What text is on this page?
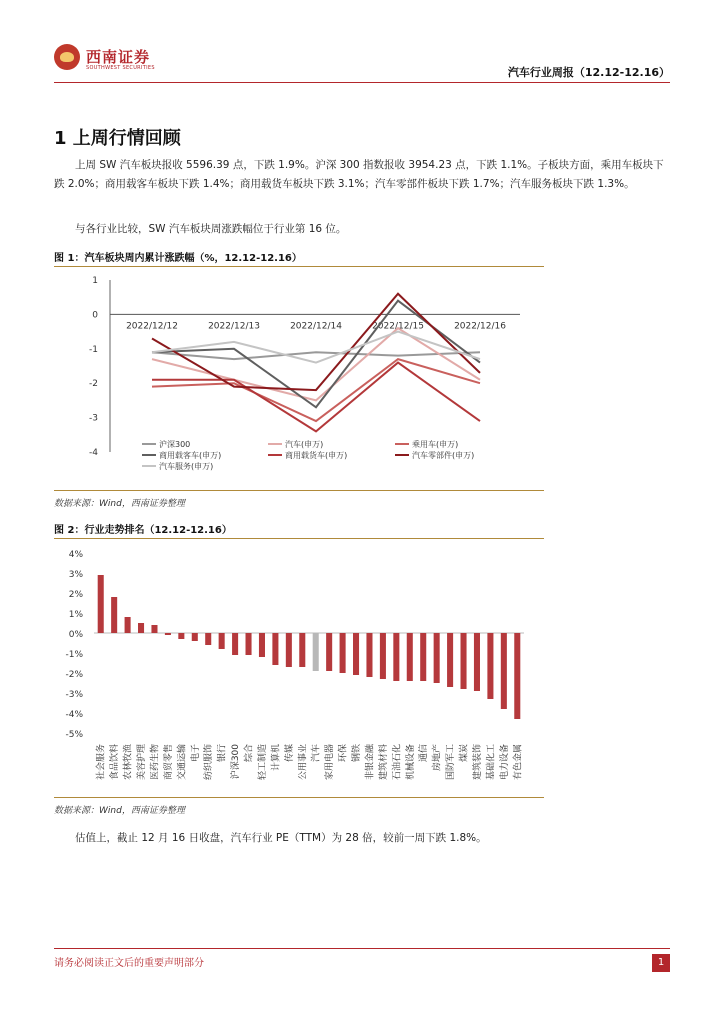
西南证券
SOUTHWEST SECURITIES	汽车行业周报（12.12-12.16）
1 上周行情回顾
上周 SW 汽车板块报收 5596.39 点，下跌 1.9%。沪深 300 指数报收 3954.23 点，下跌 1.1%。子板块方面，乘用车板块下跌 2.0%；商用载客车板块下跌 1.4%；商用载货车板块下跌 3.1%；汽车零部件板块下跌 1.7%；汽车服务板块下跌 1.3%。
与各行业比较，SW 汽车板块周涨跌幅位于行业第 16 位。
图 1：汽车板块周内累计涨跌幅（%，12.12-12.16）
1
0
-1
-2
-3
-4
2022/12/12	2022/12/13	2022/12/14	2022/12/15	2022/12/16
沪深300	汽车(申万)	乘用车(申万)
商用载客车(申万)	商用载货车(申万)	汽车零部件(申万)
汽车服务(申万)
数据来源：Wind，西南证券整理
图 2：行业走势排名（12.12-12.16）
4%
3%
2%
1%
0%
-1%
-2%
-3%
-4%
-5%
社会服务 食品饮料 农林牧渔 美容护理 医药生物 商贸零售 交通运输 电子 纺织服饰 银行 沪深300 综合 轻工制造 计算机 传媒 公用事业 汽车 家用电器 环保 钢铁 非银金融 建筑材料 石油石化 机械设备 通信 房地产 国防军工 煤炭 建筑装饰 基础化工 电力设备 有色金属
数据来源：Wind，西南证券整理
估值上，截止 12 月 16 日收盘，汽车行业 PE（TTM）为 28 倍，较前一周下跌 1.8%。
请务必阅读正文后的重要声明部分	1
